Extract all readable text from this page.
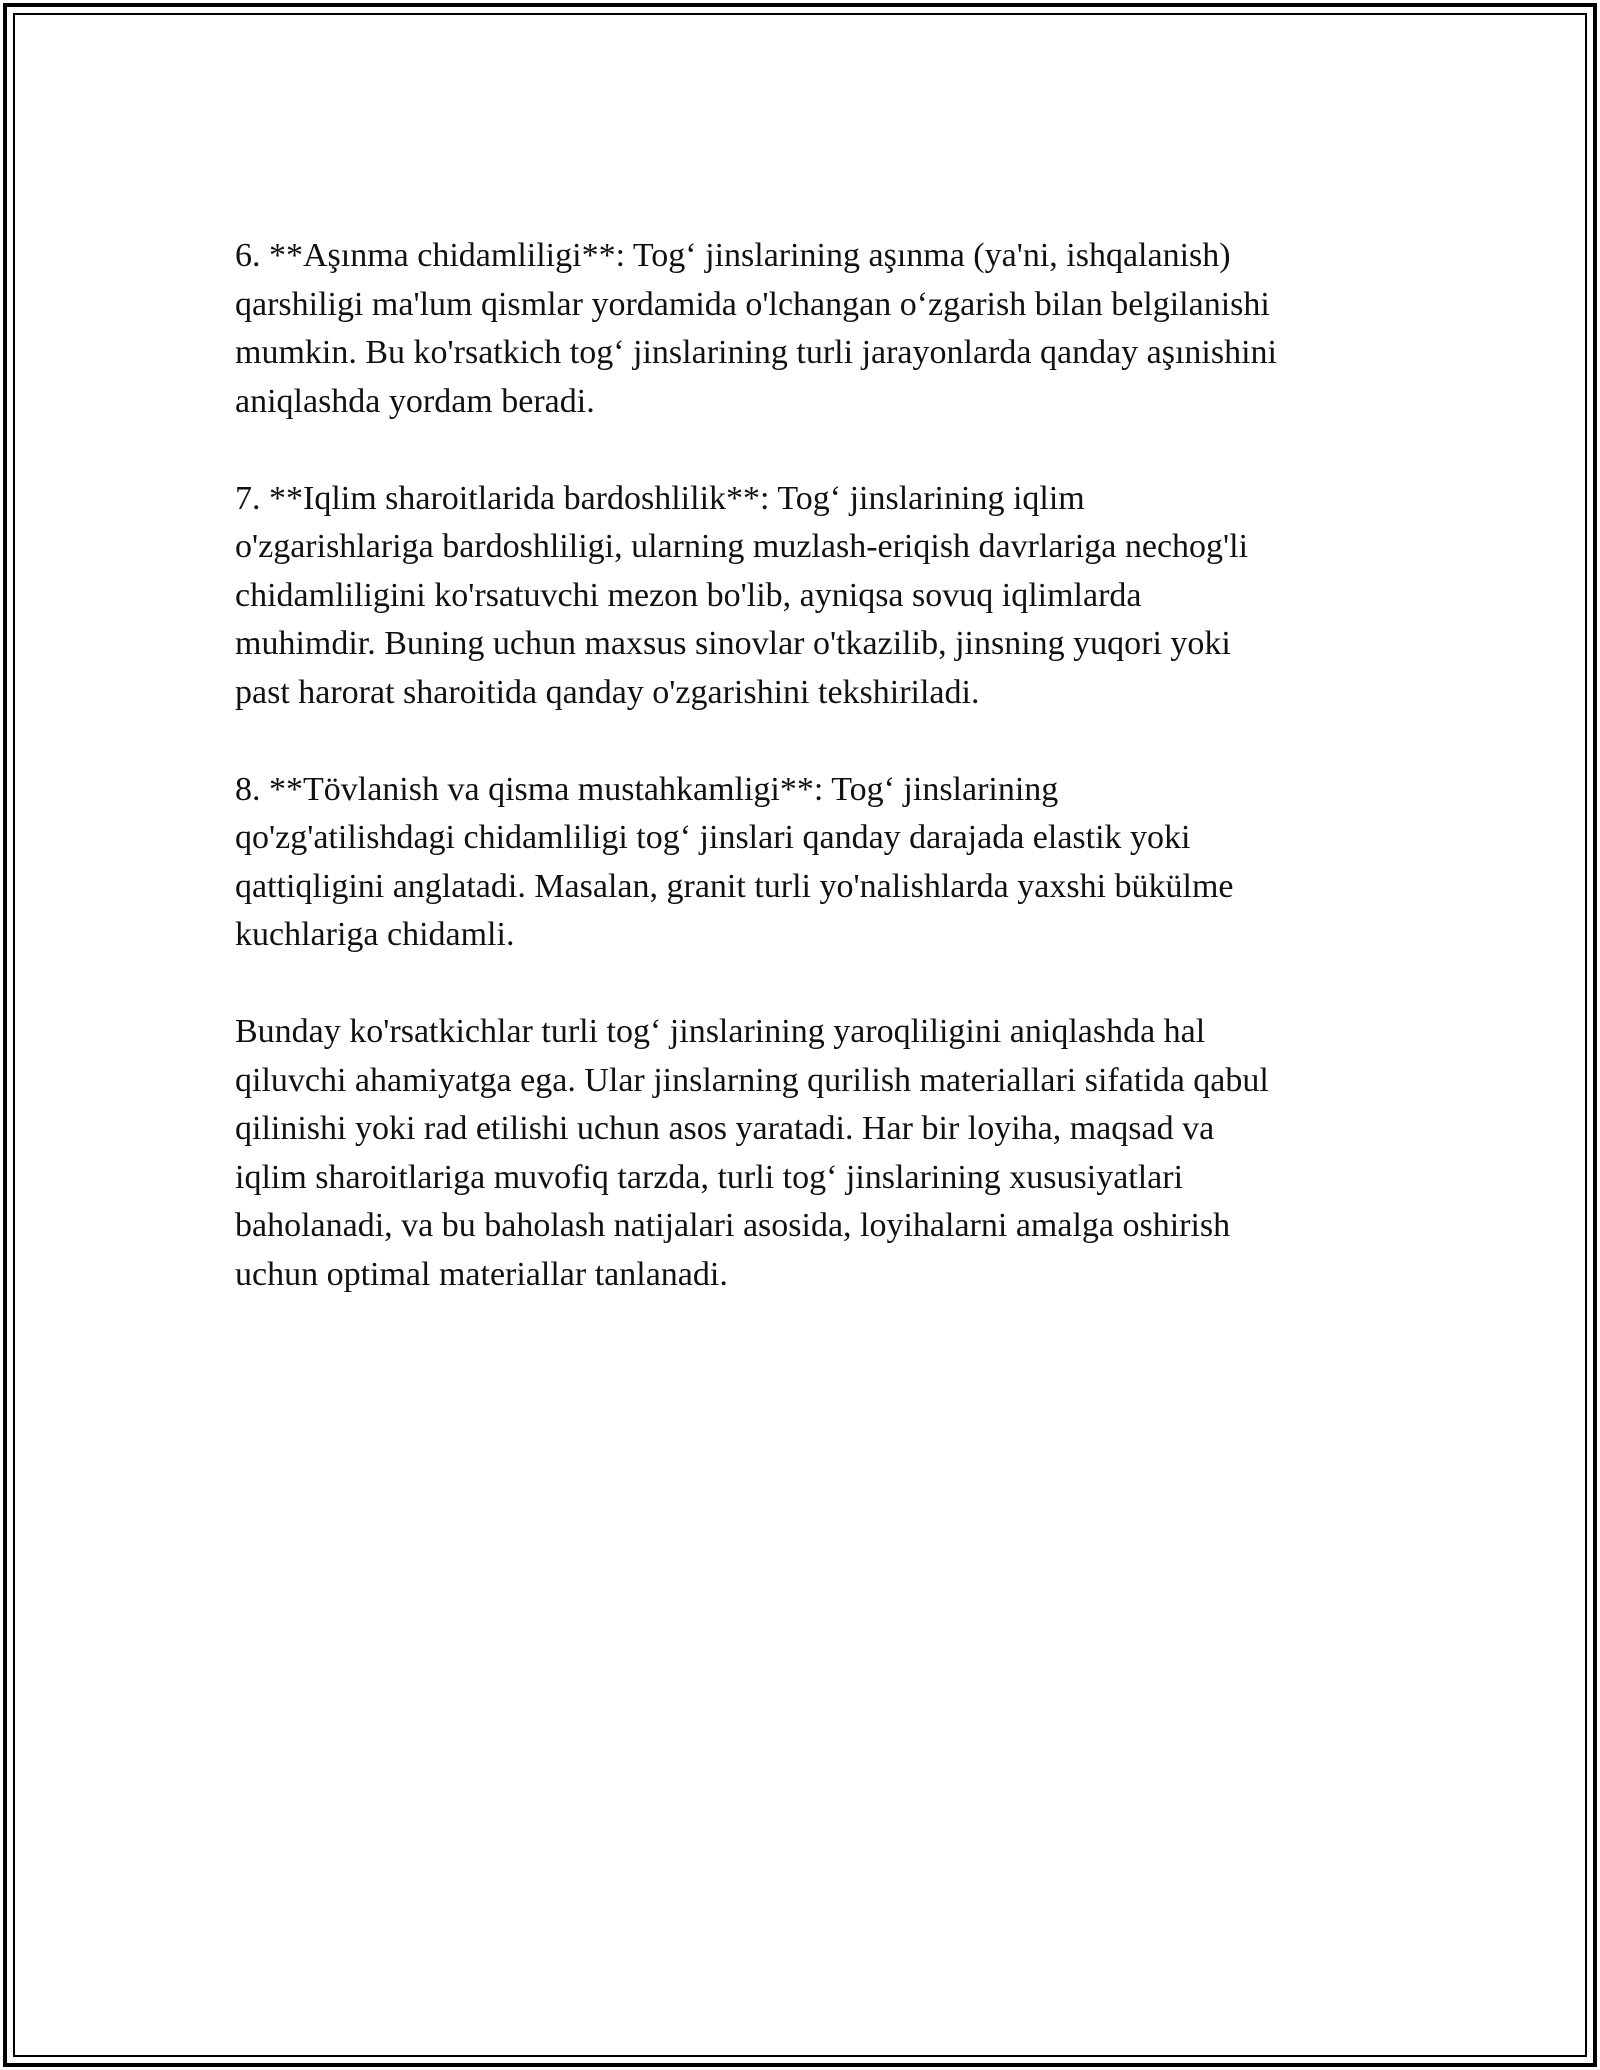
6. **Aşınma chidamliligi**: Tog‘ jinslarining aşınma (ya'ni, ishqalanish)
qarshiligi ma'lum qismlar yordamida o'lchangan o‘zgarish bilan belgilanishi
mumkin. Bu ko'rsatkich tog‘ jinslarining turli jarayonlarda qanday aşınishini
aniqlashda yordam beradi.

7. **Iqlim sharoitlarida bardoshlilik**: Tog‘ jinslarining iqlim
o'zgarishlariga bardoshliligi, ularning muzlash-eriqish davrlariga nechog'li
chidamliligini ko'rsatuvchi mezon bo'lib, ayniqsa sovuq iqlimlarda
muhimdir. Buning uchun maxsus sinovlar o'tkazilib, jinsning yuqori yoki
past harorat sharoitida qanday o'zgarishini tekshiriladi.

8. **Tövlanish va qisma mustahkamligi**: Tog‘ jinslarining
qo'zg'atilishdagi chidamliligi tog‘ jinslari qanday darajada elastik yoki
qattiqligini anglatadi. Masalan, granit turli yo'nalishlarda yaxshi bükülme
kuchlariga chidamli.

Bunday ko'rsatkichlar turli tog‘ jinslarining yaroqliligini aniqlashda hal
qiluvchi ahamiyatga ega. Ular jinslarning qurilish materiallari sifatida qabul
qilinishi yoki rad etilishi uchun asos yaratadi. Har bir loyiha, maqsad va
iqlim sharoitlariga muvofiq tarzda, turli tog‘ jinslarining xususiyatlari
baholanadi, va bu baholash natijalari asosida, loyihalarni amalga oshirish
uchun optimal materiallar tanlanadi.
